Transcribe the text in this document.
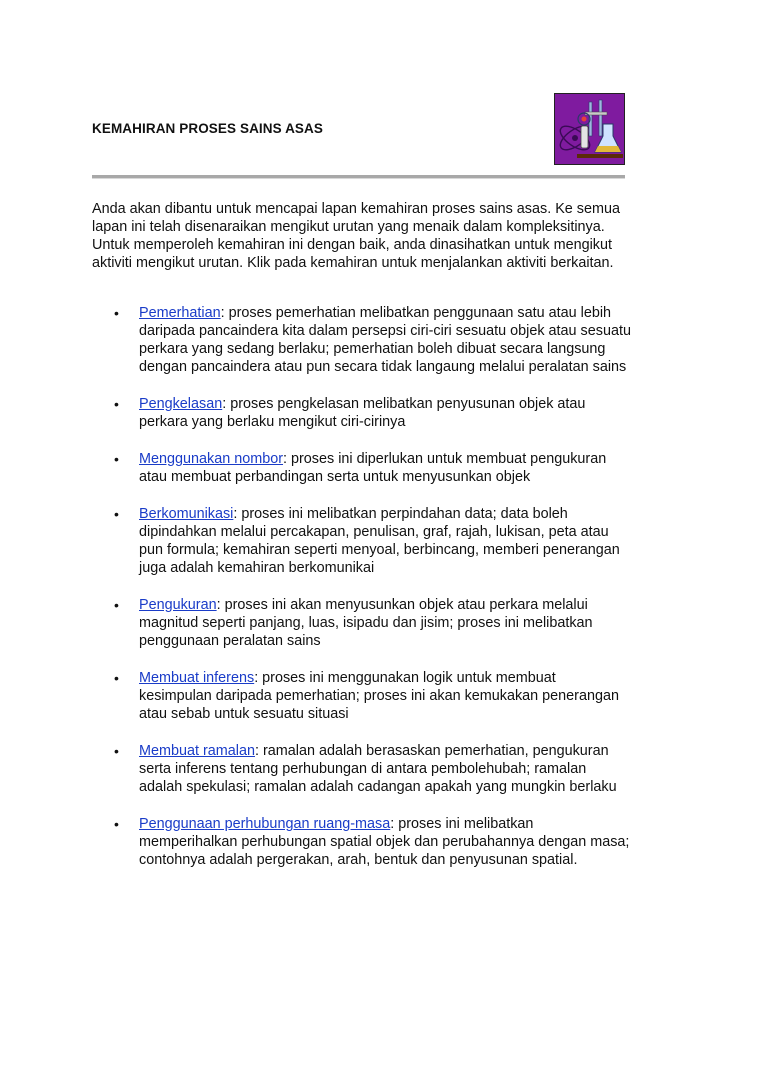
KEMAHIRAN PROSES SAINS ASAS

Anda akan dibantu untuk mencapai lapan kemahiran proses sains asas. Ke semua lapan ini telah disenaraikan mengikut urutan yang menaik dalam kompleksitinya. Untuk memperoleh kemahiran ini dengan baik, anda dinasihatkan untuk mengikut aktiviti mengikut urutan. Klik pada kemahiran untuk menjalankan aktiviti berkaitan.

• Pemerhatian: proses pemerhatian melibatkan penggunaan satu atau lebih daripada pancaindera kita dalam persepsi ciri-ciri sesuatu objek atau sesuatu perkara yang sedang berlaku; pemerhatian boleh dibuat secara langsung dengan pancaindera atau pun secara tidak langaung melalui peralatan sains
• Pengkelasan: proses pengkelasan melibatkan penyusunan objek atau perkara yang berlaku mengikut ciri-cirinya
• Menggunakan nombor: proses ini diperlukan untuk membuat pengukuran atau membuat perbandingan serta untuk menyusunkan objek
• Berkomunikasi: proses ini melibatkan perpindahan data; data boleh dipindahkan melalui percakapan, penulisan, graf, rajah, lukisan, peta atau pun formula; kemahiran seperti menyoal, berbincang, memberi penerangan juga adalah kemahiran berkomunikai
• Pengukuran: proses ini akan menyusunkan objek atau perkara melalui magnitud seperti panjang, luas, isipadu dan jisim; proses ini melibatkan penggunaan peralatan sains
• Membuat inferens: proses ini menggunakan logik untuk membuat kesimpulan daripada pemerhatian; proses ini akan kemukakan penerangan atau sebab untuk sesuatu situasi
• Membuat ramalan: ramalan adalah berasaskan pemerhatian, pengukuran serta inferens tentang perhubungan di antara pembolehubah; ramalan adalah spekulasi; ramalan adalah cadangan apakah yang mungkin berlaku
• Penggunaan perhubungan ruang-masa: proses ini melibatkan memperihalkan perhubungan spatial objek dan perubahannya dengan masa; contohnya adalah pergerakan, arah, bentuk dan penyusunan spatial.
